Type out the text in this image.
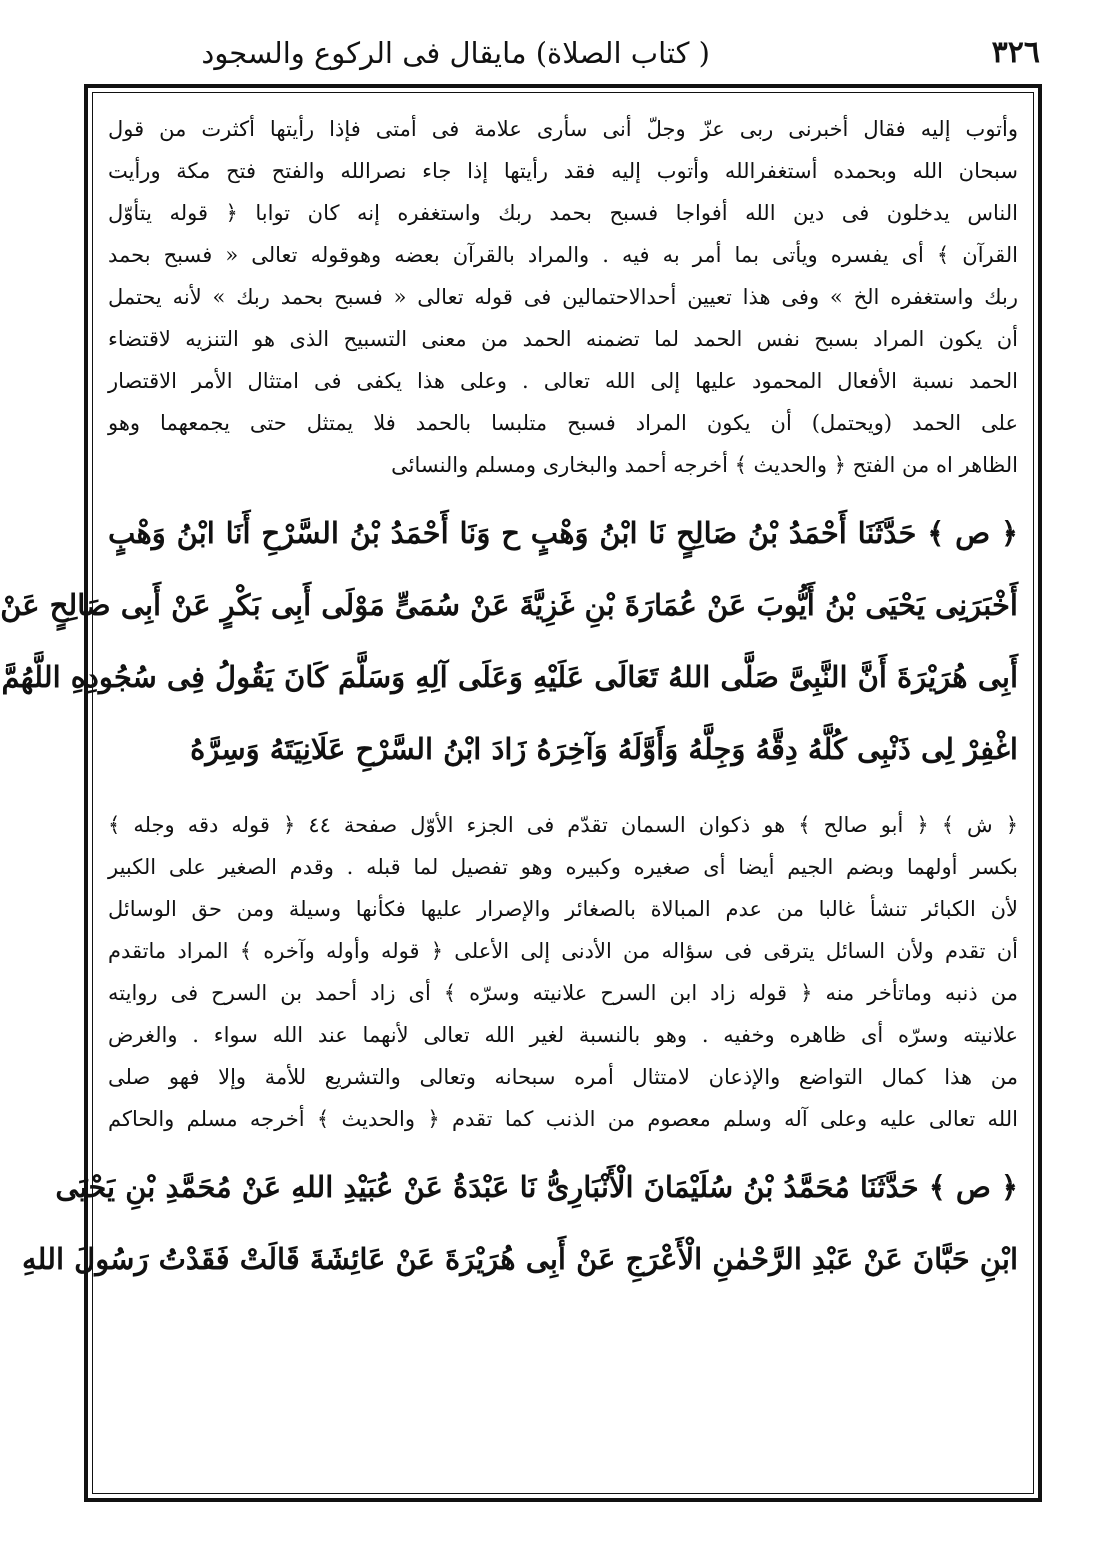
٣٢٦
( كتاب الصلاة) مايقال فى الركوع والسجود
وأتوب إليه فقال أخبرنى ربى عزّ وجلّ أنى سأرى علامة فى أمتى فإذا رأيتها أكثرت من قول
سبحان الله وبحمده أستغفرالله وأتوب إليه فقد رأيتها إذا جاء نصرالله والفتح فتح مكة ورأيت
الناس يدخلون فى دين الله أفواجا فسبح بحمد ربك واستغفره إنه كان توابا ﴿ قوله يتأوّل
القرآن ﴾ أى يفسره ويأتى بما أمر به فيه . والمراد بالقرآن بعضه وهوقوله تعالى « فسبح بحمد
ربك واستغفره الخ » وفى هذا تعيين أحدالاحتمالين فى قوله تعالى « فسبح بحمد ربك » لأنه يحتمل
أن يكون المراد بسبح نفس الحمد لما تضمنه الحمد من معنى التسبيح الذى هو التنزيه لاقتضاء
الحمد نسبة الأفعال المحمود عليها إلى الله تعالى . وعلى هذا يكفى فى امتثال الأمر الاقتصار
على الحمد (ويحتمل) أن يكون المراد فسبح متلبسا بالحمد فلا يمتثل حتى يجمعهما وهو
الظاهر اه من الفتح ﴿ والحديث ﴾ أخرجه أحمد والبخارى ومسلم والنسائى
﴿ ص ﴾ حَدَّثَنَا أَحْمَدُ بْنُ صَالِحٍ نَا ابْنُ وَهْبٍ ح وَنَا أَحْمَدُ بْنُ السَّرْحِ أَنَا ابْنُ وَهْبٍ
أَخْبَرَنِى يَحْيَى بْنُ أَيُّوبَ عَنْ عُمَارَةَ بْنِ غَزِيَّةَ عَنْ سُمَىٍّ مَوْلَى أَبِى بَكْرٍ عَنْ أَبِى صَالِحٍ عَنْ
أَبِى هُرَيْرَةَ أَنَّ النَّبِىَّ صَلَّى اللهُ تَعَالَى عَلَيْهِ وَعَلَى آلِهِ وَسَلَّمَ كَانَ يَقُولُ فِى سُجُودِهِ اللَّهُمَّ
اغْفِرْ لِى ذَنْبِى كُلَّهُ دِقَّهُ وَجِلَّهُ وَأَوَّلَهُ وَآخِرَهُ زَادَ ابْنُ السَّرْحِ عَلَانِيَتَهُ وَسِرَّهُ
﴿ ش ﴾ ﴿ أبو صالح ﴾ هو ذكوان السمان تقدّم فى الجزء الأوّل صفحة ٤٤ ﴿ قوله دقه وجله ﴾
بكسر أولهما وبضم الجيم أيضا أى صغيره وكبيره وهو تفصيل لما قبله . وقدم الصغير على الكبير
لأن الكبائر تنشأ غالبا من عدم المبالاة بالصغائر والإصرار عليها فكأنها وسيلة ومن حق الوسائل
أن تقدم ولأن السائل يترقى فى سؤاله من الأدنى إلى الأعلى ﴿ قوله وأوله وآخره ﴾ المراد ماتقدم
من ذنبه وماتأخر منه ﴿ قوله زاد ابن السرح علانيته وسرّه ﴾ أى زاد أحمد بن السرح فى روايته
علانيته وسرّه أى ظاهره وخفيه . وهو بالنسبة لغير الله تعالى لأنهما عند الله سواء . والغرض
من هذا كمال التواضع والإذعان لامتثال أمره سبحانه وتعالى والتشريع للأمة وإلا فهو صلى
الله تعالى عليه وعلى آله وسلم معصوم من الذنب كما تقدم ﴿ والحديث ﴾ أخرجه مسلم والحاكم
﴿ ص ﴾ حَدَّثَنَا مُحَمَّدُ بْنُ سُلَيْمَانَ الْأَنْبَارِىُّ نَا عَبْدَةُ عَنْ عُبَيْدِ اللهِ عَنْ مُحَمَّدِ بْنِ يَحْيَى
ابْنِ حَبَّانَ عَنْ عَبْدِ الرَّحْمٰنِ الْأَعْرَجِ عَنْ أَبِى هُرَيْرَةَ عَنْ عَائِشَةَ قَالَتْ فَقَدْتُ رَسُولَ اللهِ
